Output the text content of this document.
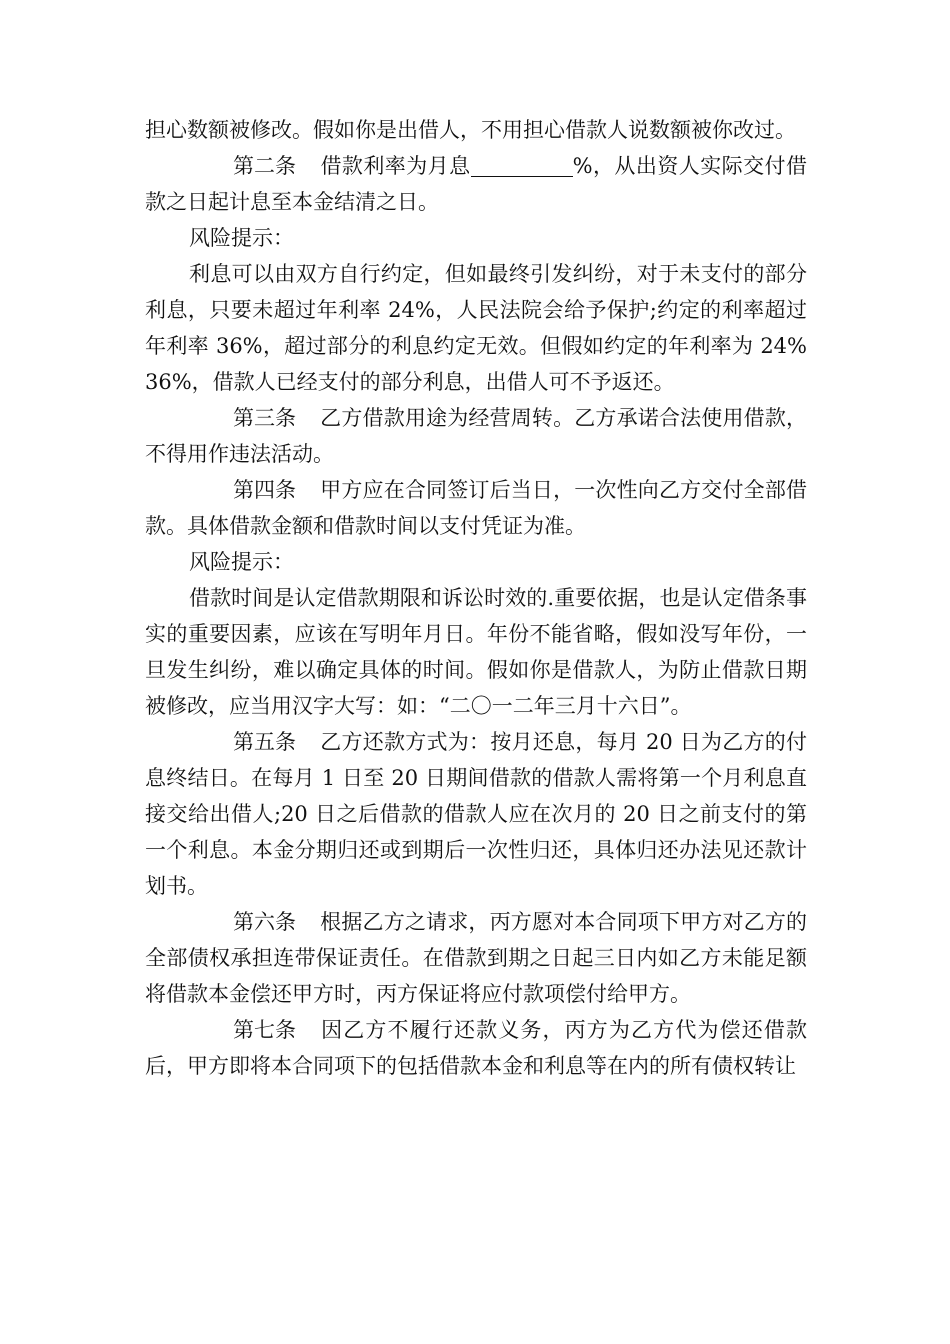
担心数额被修改。假如你是出借人，不用担心借款人说数额被你改过。

第二条 借款利率为月息	%，从出资人实际交付借款之日起计息至本金结清之日。

风险提示：

利息可以由双方自行约定，但如最终引发纠纷，对于未支付的部分利息，只要未超过年利率 24%，人民法院会给予保护;约定的利率超过年利率 36%，超过部分的利息约定无效。但假如约定的年利率为 24%36%，借款人已经支付的部分利息，出借人可不予返还。

第三条 乙方借款用途为经营周转。乙方承诺合法使用借款，不得用作违法活动。

第四条 甲方应在合同签订后当日，一次性向乙方交付全部借款。具体借款金额和借款时间以支付凭证为准。

风险提示：

借款时间是认定借款期限和诉讼时效的.重要依据，也是认定借条事实的重要因素，应该在写明年月日。年份不能省略，假如没写年份，一旦发生纠纷，难以确定具体的时间。假如你是借款人，为防止借款日期被修改，应当用汉字大写：如：“二〇一二年三月十六日”。

第五条 乙方还款方式为：按月还息，每月 20 日为乙方的付息终结日。在每月 1 日至 20 日期间借款的借款人需将第一个月利息直接交给出借人;20 日之后借款的借款人应在次月的 20 日之前支付的第一个利息。本金分期归还或到期后一次性归还，具体归还办法见还款计划书。

第六条 根据乙方之请求，丙方愿对本合同项下甲方对乙方的全部债权承担连带保证责任。在借款到期之日起三日内如乙方未能足额将借款本金偿还甲方时，丙方保证将应付款项偿付给甲方。

第七条 因乙方不履行还款义务，丙方为乙方代为偿还借款后，甲方即将本合同项下的包括借款本金和利息等在内的所有债权转让
